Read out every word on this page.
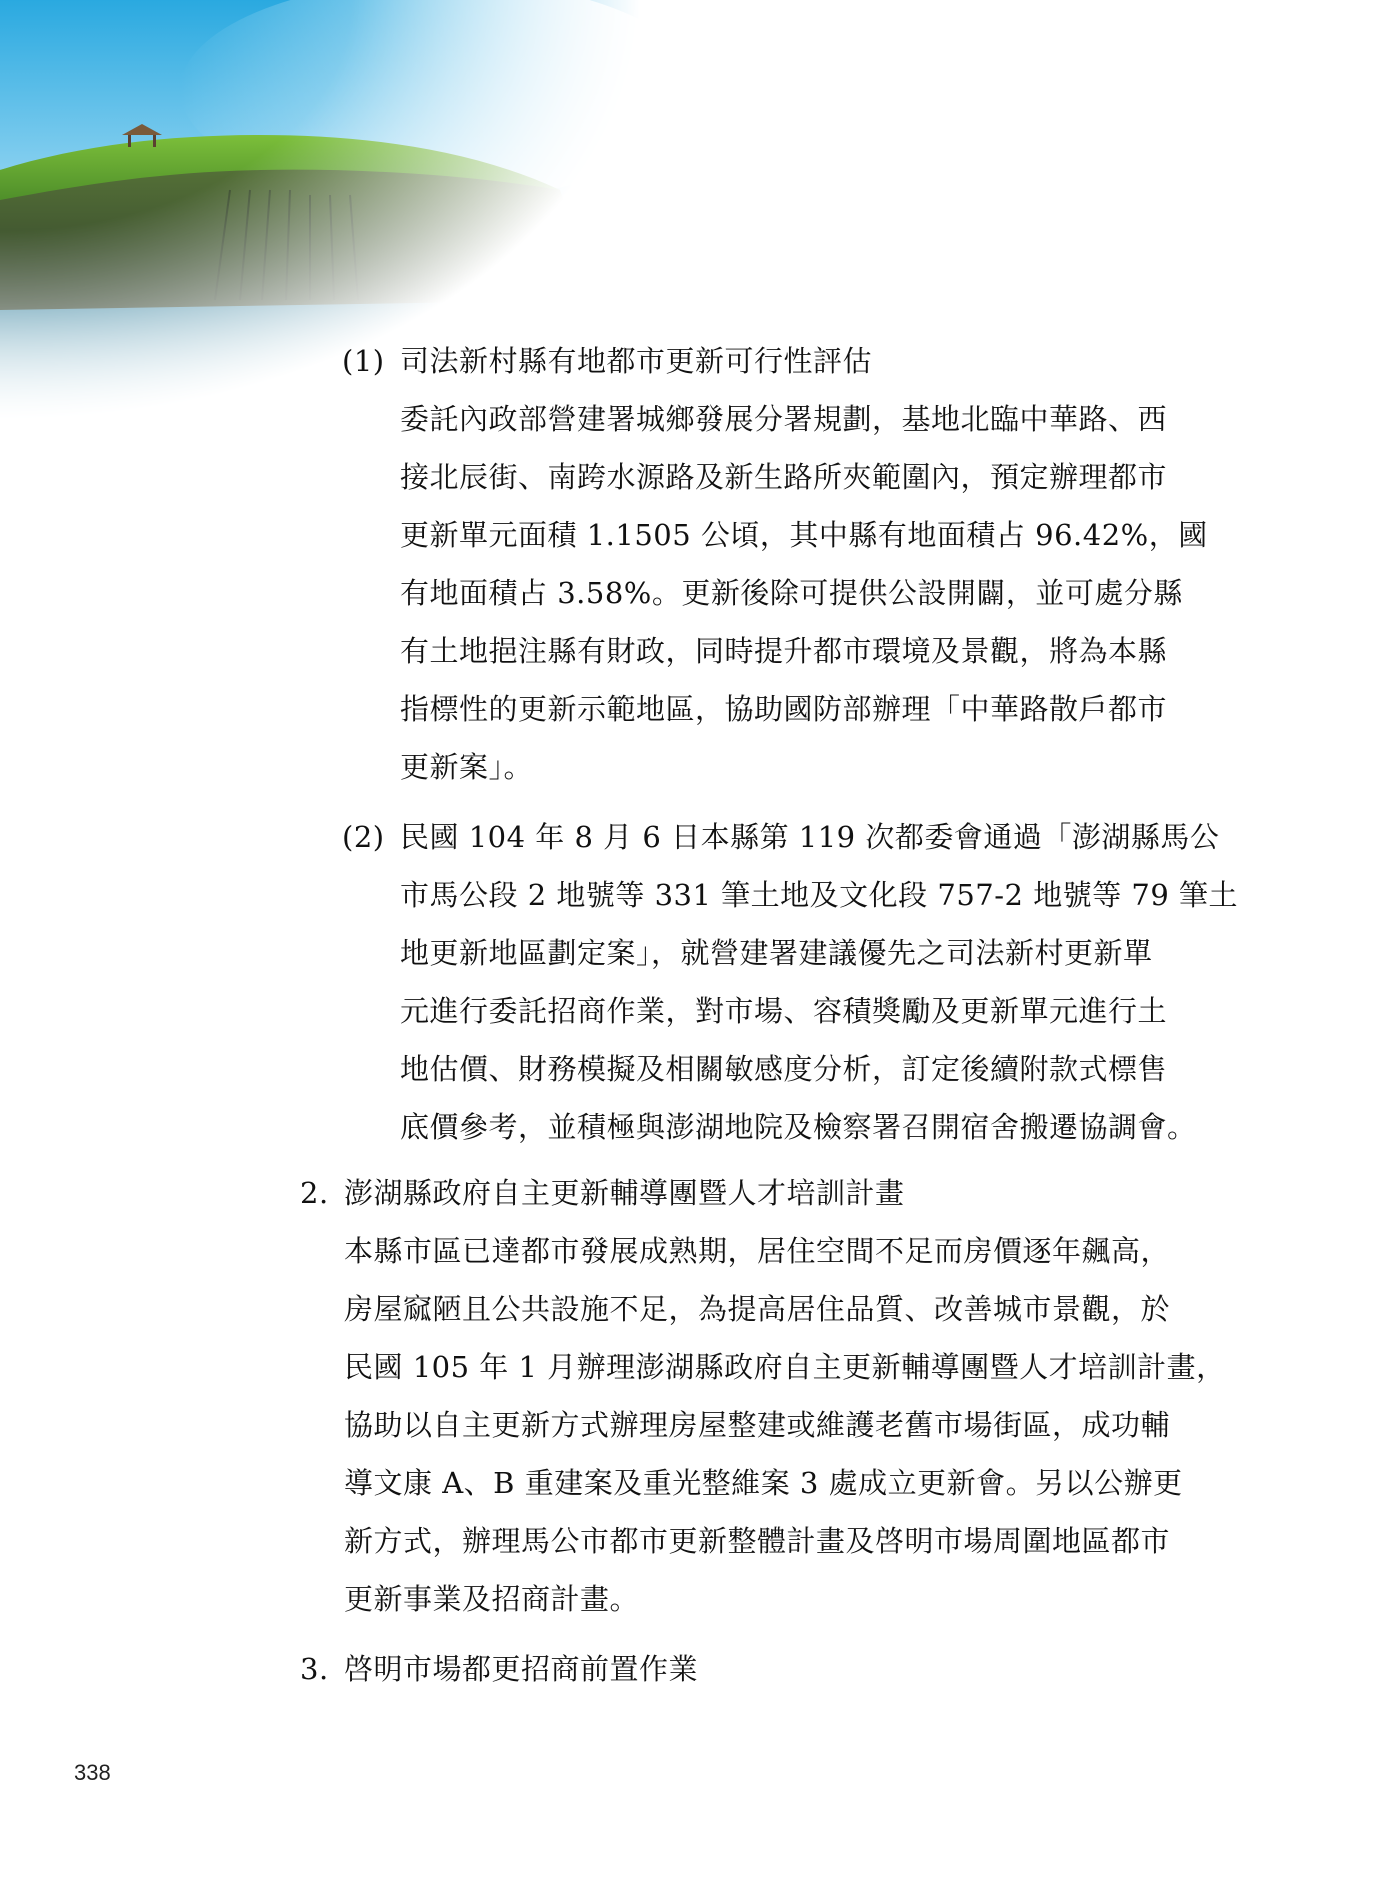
(1) 司法新村縣有地都市更新可行性評估
委託內政部營建署城鄉發展分署規劃，基地北臨中華路、西
接北辰街、南跨水源路及新生路所夾範圍內，預定辦理都市
更新單元面積 1.1505 公頃，其中縣有地面積占 96.42%，國
有地面積占 3.58%。更新後除可提供公設開闢，並可處分縣
有土地挹注縣有財政，同時提升都市環境及景觀，將為本縣
指標性的更新示範地區，協助國防部辦理「中華路散戶都市
更新案」。
(2) 民國 104 年 8 月 6 日本縣第 119 次都委會通過「澎湖縣馬公
市馬公段 2 地號等 331 筆土地及文化段 757-2 地號等 79 筆土
地更新地區劃定案」，就營建署建議優先之司法新村更新單
元進行委託招商作業，對市場、容積獎勵及更新單元進行土
地估價、財務模擬及相關敏感度分析，訂定後續附款式標售
底價參考，並積極與澎湖地院及檢察署召開宿舍搬遷協調會。
2. 澎湖縣政府自主更新輔導團暨人才培訓計畫
本縣市區已達都市發展成熟期，居住空間不足而房價逐年飆高，
房屋窳陋且公共設施不足，為提高居住品質、改善城市景觀，於
民國 105 年 1 月辦理澎湖縣政府自主更新輔導團暨人才培訓計畫，
協助以自主更新方式辦理房屋整建或維護老舊市場街區，成功輔
導文康 A、B 重建案及重光整維案 3 處成立更新會。另以公辦更
新方式，辦理馬公市都市更新整體計畫及啓明市場周圍地區都市
更新事業及招商計畫。
3. 啓明市場都更招商前置作業
338
